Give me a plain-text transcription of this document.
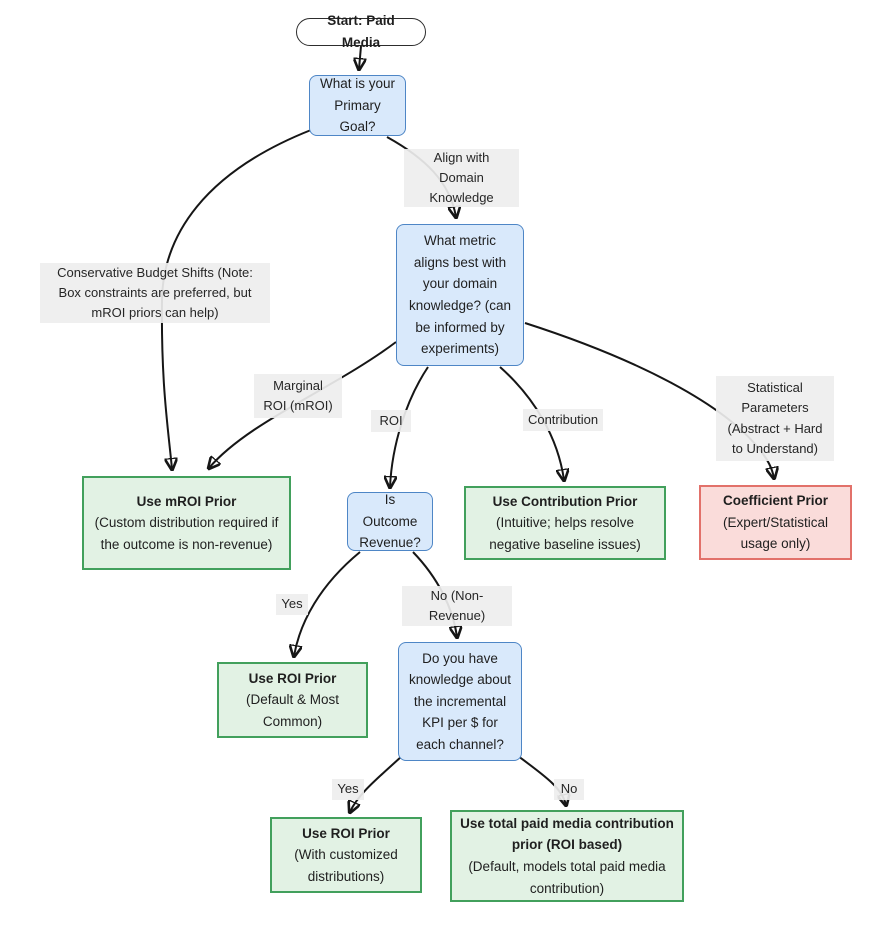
Align with Domain Knowledge
Conservative Budget Shifts (Note: Box constraints are preferred, but mROI priors can help)
Marginal ROI (mROI)
ROI	Contribution
Statistical Parameters (Abstract + Hard to Understand)
Yes
No (Non-Revenue)
Yes	No
Start: Paid Media
What is your Primary Goal?
What metric aligns best with your domain knowledge? (can be informed by experiments)
Use mROI Prior
(Custom distribution required if the outcome is non-revenue)
Is Outcome Revenue?
Use Contribution Prior
(Intuitive; helps resolve negative baseline issues)
Coefficient Prior
(Expert/Statistical usage only)
Use ROI Prior
(Default & Most Common)
Do you have knowledge about the incremental KPI per $ for each channel?
Use ROI Prior
(With customized distributions)
Use total paid media contribution prior (ROI based)
(Default, models total paid media contribution)
